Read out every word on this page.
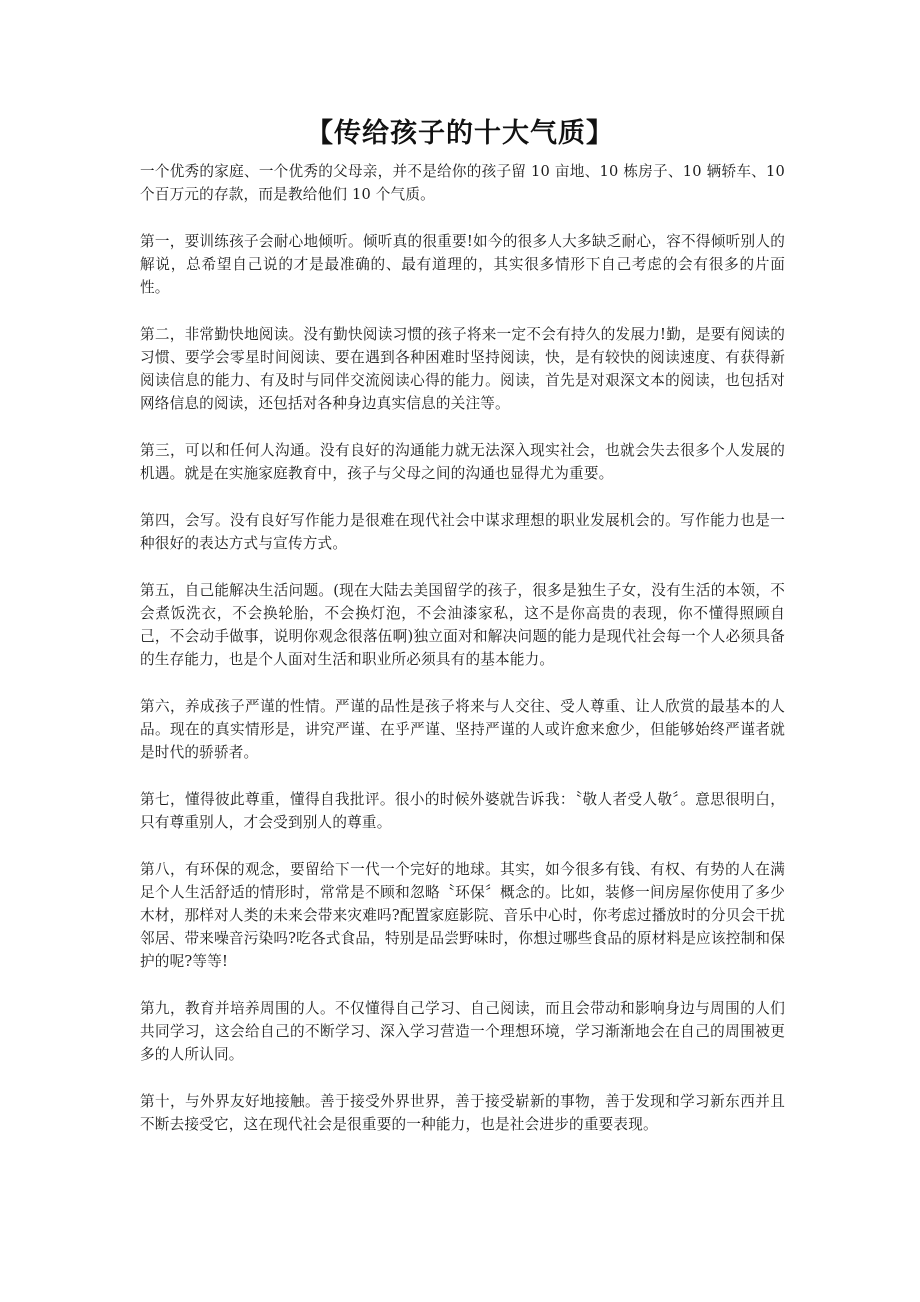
【传给孩子的十大气质】

一个优秀的家庭、一个优秀的父母亲，并不是给你的孩子留 10 亩地、10 栋房子、10 辆轿车、10 个百万元的存款，而是教给他们 10 个气质。

第一，要训练孩子会耐心地倾听。倾听真的很重要!如今的很多人大多缺乏耐心，容不得倾听别人的解说，总希望自己说的才是最准确的、最有道理的，其实很多情形下自己考虑的会有很多的片面性。

第二，非常勤快地阅读。没有勤快阅读习惯的孩子将来一定不会有持久的发展力!勤，是要有阅读的习惯、要学会零星时间阅读、要在遇到各种困难时坚持阅读，快，是有较快的阅读速度、有获得新阅读信息的能力、有及时与同伴交流阅读心得的能力。阅读，首先是对艰深文本的阅读，也包括对网络信息的阅读，还包括对各种身边真实信息的关注等。

第三，可以和任何人沟通。没有良好的沟通能力就无法深入现实社会，也就会失去很多个人发展的机遇。就是在实施家庭教育中，孩子与父母之间的沟通也显得尤为重要。

第四，会写。没有良好写作能力是很难在现代社会中谋求理想的职业发展机会的。写作能力也是一种很好的表达方式与宣传方式。

第五，自己能解决生活问题。(现在大陆去美国留学的孩子，很多是独生子女，没有生活的本领，不会煮饭洗衣，不会换轮胎，不会换灯泡，不会油漆家私，这不是你高贵的表现，你不懂得照顾自己，不会动手做事，说明你观念很落伍啊)独立面对和解决问题的能力是现代社会每一个人必须具备的生存能力，也是个人面对生活和职业所必须具有的基本能力。

第六，养成孩子严谨的性情。严谨的品性是孩子将来与人交往、受人尊重、让人欣赏的最基本的人品。现在的真实情形是，讲究严谨、在乎严谨、坚持严谨的人或许愈来愈少，但能够始终严谨者就是时代的骄骄者。

第七，懂得彼此尊重，懂得自我批评。很小的时候外婆就告诉我：〝敬人者受人敬〞。意思很明白，只有尊重别人，才会受到别人的尊重。

第八，有环保的观念，要留给下一代一个完好的地球。其实，如今很多有钱、有权、有势的人在满足个人生活舒适的情形时，常常是不顾和忽略〝环保〞概念的。比如，装修一间房屋你使用了多少木材，那样对人类的未来会带来灾难吗?配置家庭影院、音乐中心时，你考虑过播放时的分贝会干扰邻居、带来噪音污染吗?吃各式食品，特别是品尝野味时，你想过哪些食品的原材料是应该控制和保护的呢?等等!

第九，教育并培养周围的人。不仅懂得自己学习、自己阅读，而且会带动和影响身边与周围的人们共同学习，这会给自己的不断学习、深入学习营造一个理想环境，学习渐渐地会在自己的周围被更多的人所认同。

第十，与外界友好地接触。善于接受外界世界，善于接受崭新的事物，善于发现和学习新东西并且不断去接受它，这在现代社会是很重要的一种能力，也是社会进步的重要表现。
